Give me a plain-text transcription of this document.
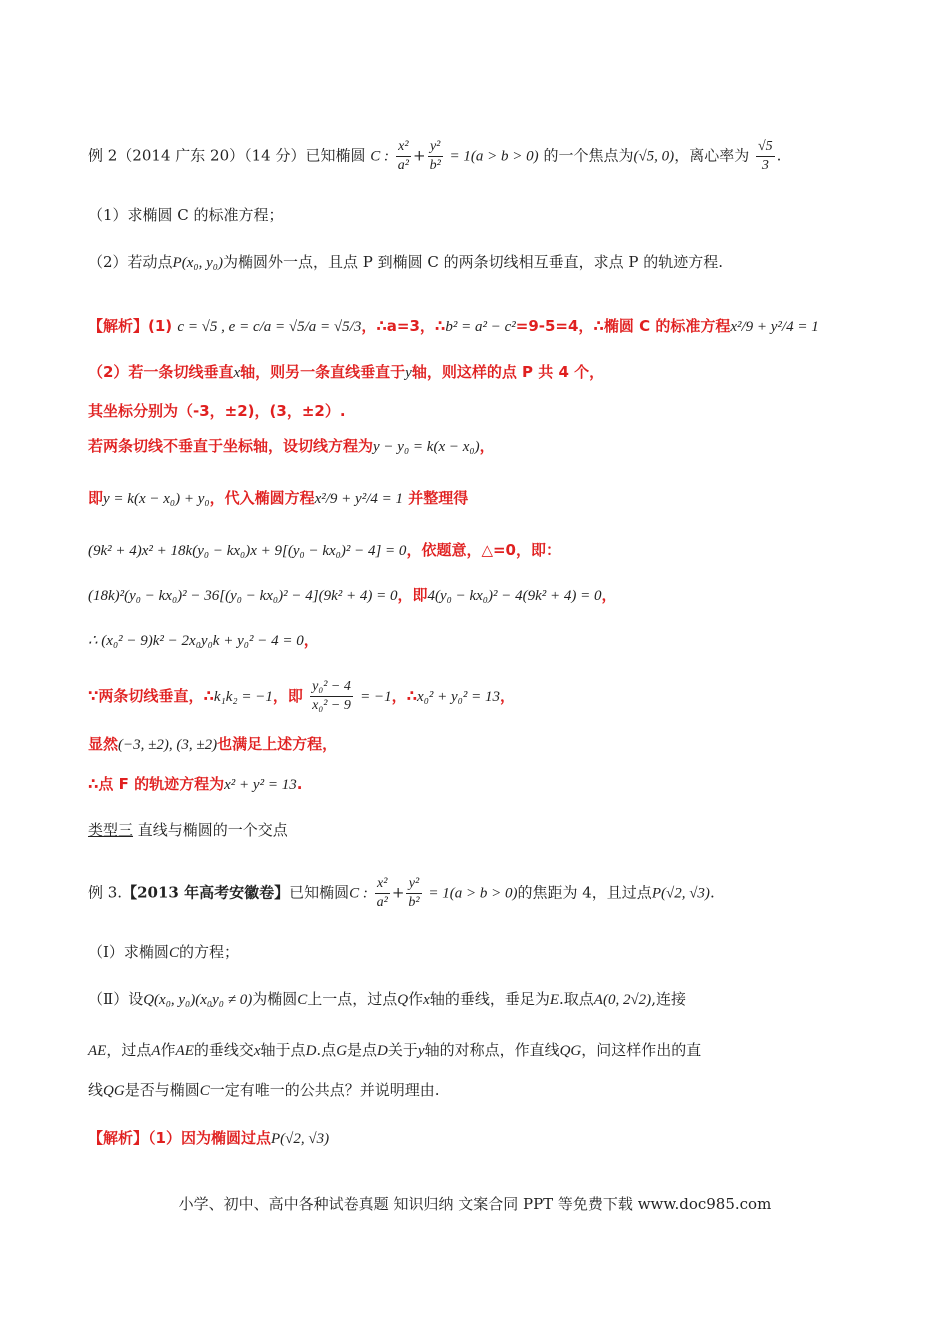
例 2（2014 广东 20）（14 分）已知椭圆 C : $\frac{\text{x²}}{\text{a²}} + \frac{\text{y²}}{\text{b²}} = 1(a > b > 0)$ 的一个焦点为(√5, 0)，离心率为 $\frac{√5}{3}$ .
（1）求椭圆 C 的标准方程；
（2）若动点P(x₀, y₀)为椭圆外一点，且点 P 到椭圆 C 的两条切线相互垂直，求点 P 的轨迹方程.
【解析】(1) c = √5 , e = c/a = √5/a = √5/3，∴a=3，∴b² = a² − c²=9-5=4，∴椭圆 C 的标准方程x²/9 + y²/4 = 1
（2）若一条切线垂直x轴，则另一条直线垂直于y轴，则这样的点 P 共 4 个，
其坐标分别为（-3，±2)，(3，±2）.
若两条切线不垂直于坐标轴，设切线方程为y − y₀ = k(x − x₀)，
即y = k(x − x₀) + y₀，代入椭圆方程x²/9 + y²/4 = 1 并整理得
(9k² + 4)x² + 18k(y₀ − kx₀)x + 9[(y₀ − kx₀)² − 4] = 0，依题意，△=0，即：
(18k)²(y₀ − kx₀)² − 36[(y₀ − kx₀)² − 4](9k² + 4) = 0，即4(y₀ − kx₀)² − 4(9k² + 4) = 0，
∴ (x₀² − 9)k² − 2x₀y₀k + y₀² − 4 = 0，
∵两条切线垂直，∴k₁k₂ = −1，即 $\frac{\text{y₀² − 4}}{\text{x₀² − 9}} = -1$，∴x₀² + y₀² = 13，
显然(−3, ±2), (3, ±2)也满足上述方程，
∴点 F 的轨迹方程为x² + y² = 13.
类型三 直线与椭圆的一个交点
例 3.【2013 年高考安徽卷】已知椭圆C : $\frac{\text{x²}}{\text{a²}} + \frac{\text{y²}}{\text{b²}} = 1(a > b > 0)$的焦距为 4，且过点P(√2, √3).
（Ⅰ）求椭圆C的方程；
（Ⅱ）设Q(x₀, y₀)(x₀y₀ ≠ 0)为椭圆C上一点，过点Q作x轴的垂线，垂足为E.取点A(0, 2√2),连接
AE，过点A作AE的垂线交x轴于点D.点G是点D关于y轴的对称点，作直线QG，问这样作出的直
线QG是否与椭圆C一定有唯一的公共点？并说明理由.
【解析】（1）因为椭圆过点P(√2, √3)
小学、初中、高中各种试卷真题 知识归纳 文案合同 PPT 等免费下载 www.doc985.com
